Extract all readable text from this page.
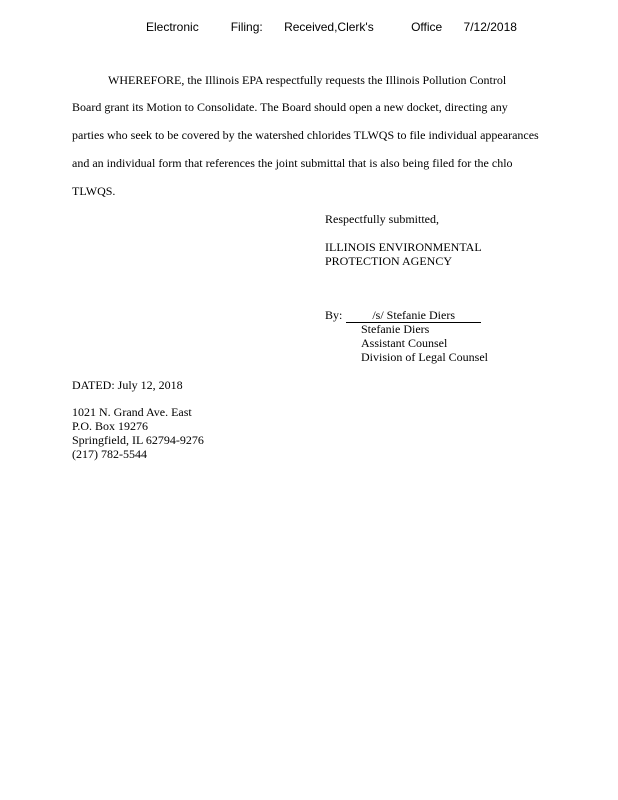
Electronic	Filing: Received,Clerk's	Office 7/12/2018
WHEREFORE, the Illinois EPA respectfully requests the Illinois Pollution Control
Board grant its Motion to Consolidate. The Board should open a new docket, directing any
parties who seek to be covered by the watershed chlorides TLWQS to file individual appearances
and an individual form that references the joint submittal that is also being filed for the chlo
TLWQS.
Respectfully submitted,
ILLINOIS ENVIRONMENTAL
PROTECTION AGENCY
By:	/s/ Stefanie Diers
Stefanie Diers
Assistant Counsel
Division of Legal Counsel
DATED: July 12, 2018
1021 N. Grand Ave. East
P.O. Box 19276
Springfield, IL 62794-9276
(217) 782-5544
